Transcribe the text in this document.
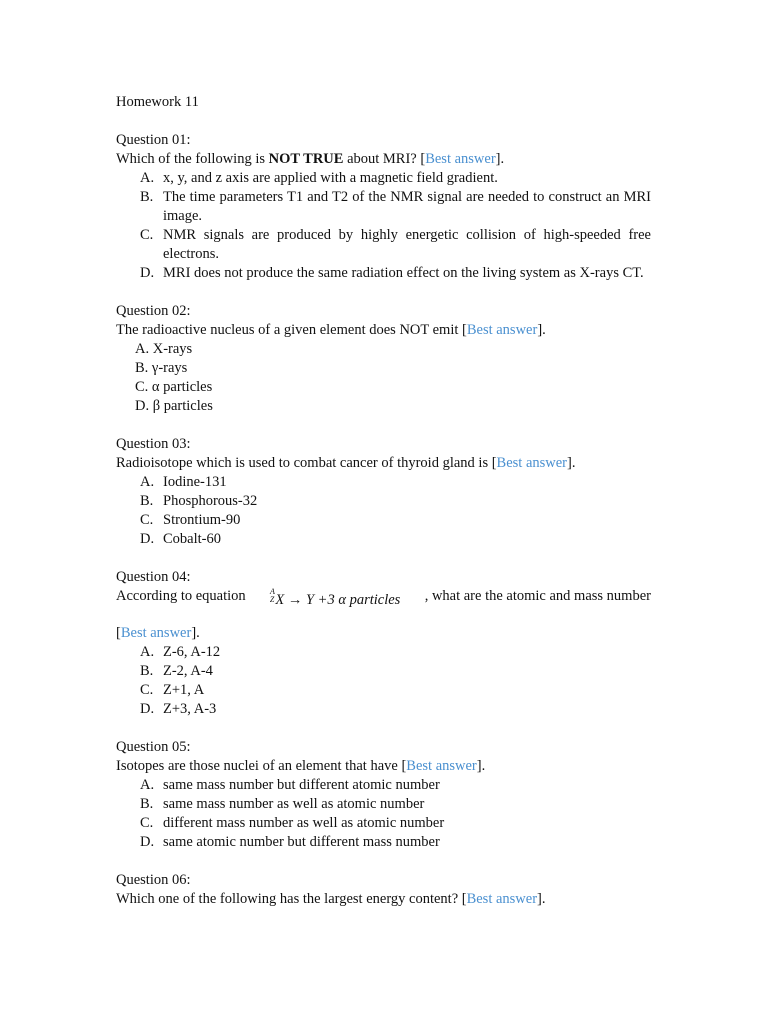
Homework 11
Question 01:
Which of the following is NOT TRUE about MRI? [Best answer].
A. x, y, and z axis are applied with a magnetic field gradient.
B. The time parameters T1 and T2 of the NMR signal are needed to construct an MRI image.
C. NMR signals are produced by highly energetic collision of high-speeded free electrons.
D. MRI does not produce the same radiation effect on the living system as X-rays CT.
Question 02:
The radioactive nucleus of a given element does NOT emit [Best answer].
A. X-rays
B. γ-rays
C. α particles
D. β particles
Question 03:
Radioisotope which is used to combat cancer of thyroid gland is [Best answer].
A. Iodine-131
B. Phosphorous-32
C. Strontium-90
D. Cobalt-60
Question 04:
According to equation	AZX → Y +3 α particles , what are the atomic and mass number
[Best answer].
A. Z-6, A-12
B. Z-2, A-4
C. Z+1, A
D. Z+3, A-3
Question 05:
Isotopes are those nuclei of an element that have [Best answer].
A. same mass number but different atomic number
B. same mass number as well as atomic number
C. different mass number as well as atomic number
D. same atomic number but different mass number
Question 06:
Which one of the following has the largest energy content? [Best answer].
